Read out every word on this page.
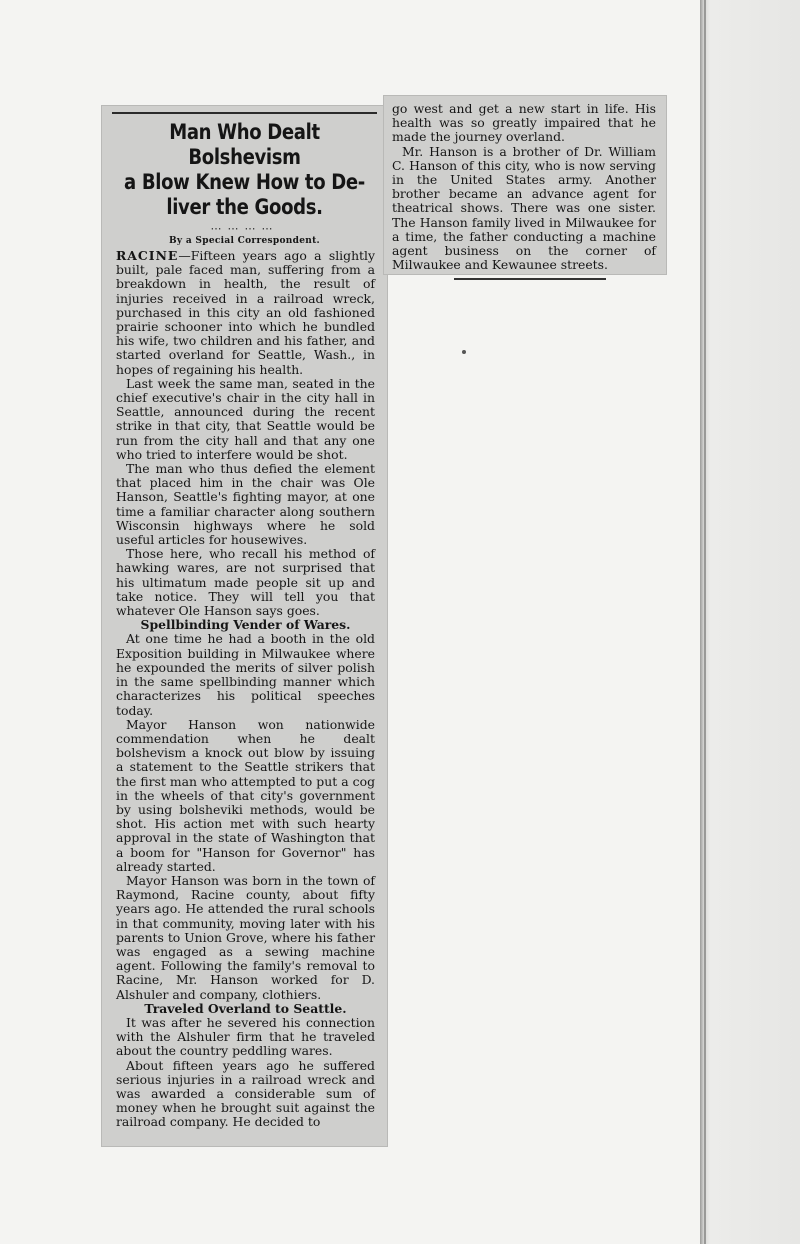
Man Who Dealt Bolshevism
a Blow Knew How to De-
liver the Goods.
⋯⋯⋯⋯
By a Special Correspondent.

RACINE—Fifteen years ago a slightly built, pale faced man, suffering from a breakdown in health, the result of injuries received in a railroad wreck, purchased in this city an old fashioned prairie schooner into which he bundled his wife, two children and his father, and started overland for Seattle, Wash., in hopes of regaining his health.

Last week the same man, seated in the chief executive's chair in the city hall in Seattle, announced during the recent strike in that city, that Seattle would be run from the city hall and that any one who tried to interfere would be shot.

The man who thus defied the element that placed him in the chair was Ole Hanson, Seattle's fighting mayor, at one time a familiar character along southern Wisconsin highways where he sold useful articles for housewives.

Those here, who recall his method of hawking wares, are not surprised that his ultimatum made people sit up and take notice. They will tell you that whatever Ole Hanson says goes.

Spellbinding Vender of Wares.

At one time he had a booth in the old Exposition building in Milwaukee where he expounded the merits of silver polish in the same spellbinding manner which characterizes his political speeches today.

Mayor Hanson won nationwide commendation when he dealt bolshevism a knock out blow by issuing a statement to the Seattle strikers that the first man who attempted to put a cog in the wheels of that city's government by using bolsheviki methods, would be shot. His action met with such hearty approval in the state of Washington that a boom for "Hanson for Governor" has already started.

Mayor Hanson was born in the town of Raymond, Racine county, about fifty years ago. He attended the rural schools in that community, moving later with his parents to Union Grove, where his father was engaged as a sewing machine agent. Following the family's removal to Racine, Mr. Hanson worked for D. Alshuler and company, clothiers.

Traveled Overland to Seattle.

It was after he severed his connection with the Alshuler firm that he traveled about the country peddling wares.

About fifteen years ago he suffered serious injuries in a railroad wreck and was awarded a considerable sum of money when he brought suit against the railroad company. He decided to

go west and get a new start in life. His health was so greatly impaired that he made the journey overland.

Mr. Hanson is a brother of Dr. William C. Hanson of this city, who is now serving in the United States army. Another brother became an advance agent for theatrical shows. There was one sister. The Hanson family lived in Milwaukee for a time, the father conducting a machine agent business on the corner of Milwaukee and Kewaunee streets.
